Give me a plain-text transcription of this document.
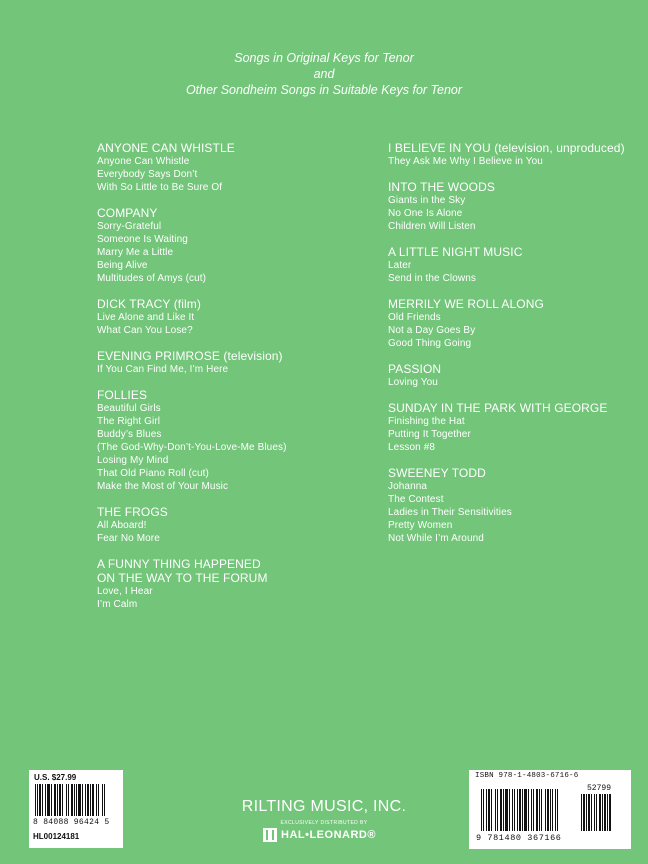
Songs in Original Keys for Tenor
and
Other Sondheim Songs in Suitable Keys for Tenor
ANYONE CAN WHISTLE
Anyone Can Whistle
Everybody Says Don’t
With So Little to Be Sure Of
COMPANY
Sorry-Grateful
Someone Is Waiting
Marry Me a Little
Being Alive
Multitudes of Amys (cut)
DICK TRACY (film)
Live Alone and Like It
What Can You Lose?
EVENING PRIMROSE (television)
If You Can Find Me, I’m Here
FOLLIES
Beautiful Girls
The Right Girl
Buddy’s Blues
(The God-Why-Don’t-You-Love-Me Blues)
Losing My Mind
That Old Piano Roll (cut)
Make the Most of Your Music
THE FROGS
All Aboard!
Fear No More
A FUNNY THING HAPPENED
ON THE WAY TO THE FORUM
Love, I Hear
I’m Calm
I BELIEVE IN YOU (television, unproduced)
They Ask Me Why I Believe in You
INTO THE WOODS
Giants in the Sky
No One Is Alone
Children Will Listen
A LITTLE NIGHT MUSIC
Later
Send in the Clowns
MERRILY WE ROLL ALONG
Old Friends
Not a Day Goes By
Good Thing Going
PASSION
Loving You
SUNDAY IN THE PARK WITH GEORGE
Finishing the Hat
Putting It Together
Lesson #8
SWEENEY TODD
Johanna
The Contest
Ladies in Their Sensitivities
Pretty Women
Not While I’m Around
U.S. $27.99
8 84088 96424 5
HL00124181
RILTING MUSIC, INC.
EXCLUSIVELY DISTRIBUTED BY
HAL•LEONARD®
ISBN 978-1-4803-6716-6
52799
9 781480 367166
